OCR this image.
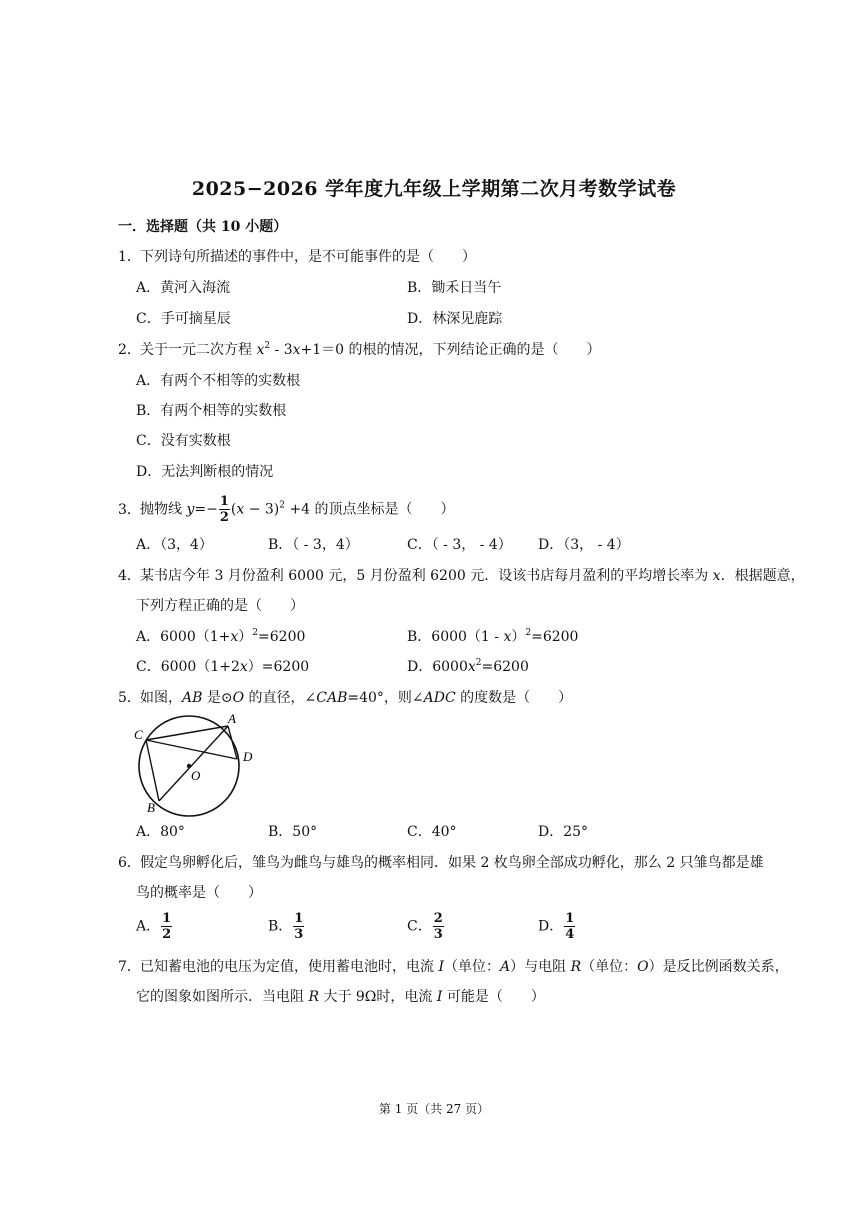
2025−2026 学年度九年级上学期第二次月考数学试卷
一．选择题（共 10 小题）
1．下列诗句所描述的事件中，是不可能事件的是（　　）
A．黄河入海流	B．锄禾日当午
C．手可摘星辰	D．林深见鹿踪
2．关于一元二次方程 $x^2 - 3x+1=0$ 的根的情况，下列结论正确的是（　　）
A．有两个不相等的实数根
B．有两个相等的实数根
C．没有实数根
D．无法判断根的情况
3．抛物线 $y=- \frac{1}{2} (x - 3)^2 +4$ 的顶点坐标是（　　）
A．（3，4）	B．（ - 3，4）	C．（ - 3， - 4） D．（3， - 4）
4．某书店今年 3 月份盈利 6000 元，5 月份盈利 6200 元．设该书店每月盈利的平均增长率为 x．根据题意，
下列方程正确的是（　　）
A．$6000(1+x)^2=6200$	B．6000（1 - x）$^2$=6200
C．6000（1+2x）=6200	D．$6000x^2=6200$
5．如图，AB 是⊙O 的直径，∠CAB=40°，则∠ADC 的度数是（　　）
C
A
D
O
B
A．80°	B．50°	C．40°	D．25°
6．假定鸟卵孵化后，雏鸟为雌鸟与雄鸟的概率相同．如果 2 枚鸟卵全部成功孵化，那么 2 只雏鸟都是雄
鸟的概率是（　　）
A． $\frac{1}{2}$	B． $\frac{1}{3}$	C． $\frac{2}{3}$	D． $\frac{1}{4}$
7．已知蓄电池的电压为定值，使用蓄电池时，电流 I（单位：A）与电阻 R（单位：O）是反比例函数关系，
它的图象如图所示．当电阻 R 大于 9Ω时，电流 I 可能是（　　）
第 1 页（共 27 页）
